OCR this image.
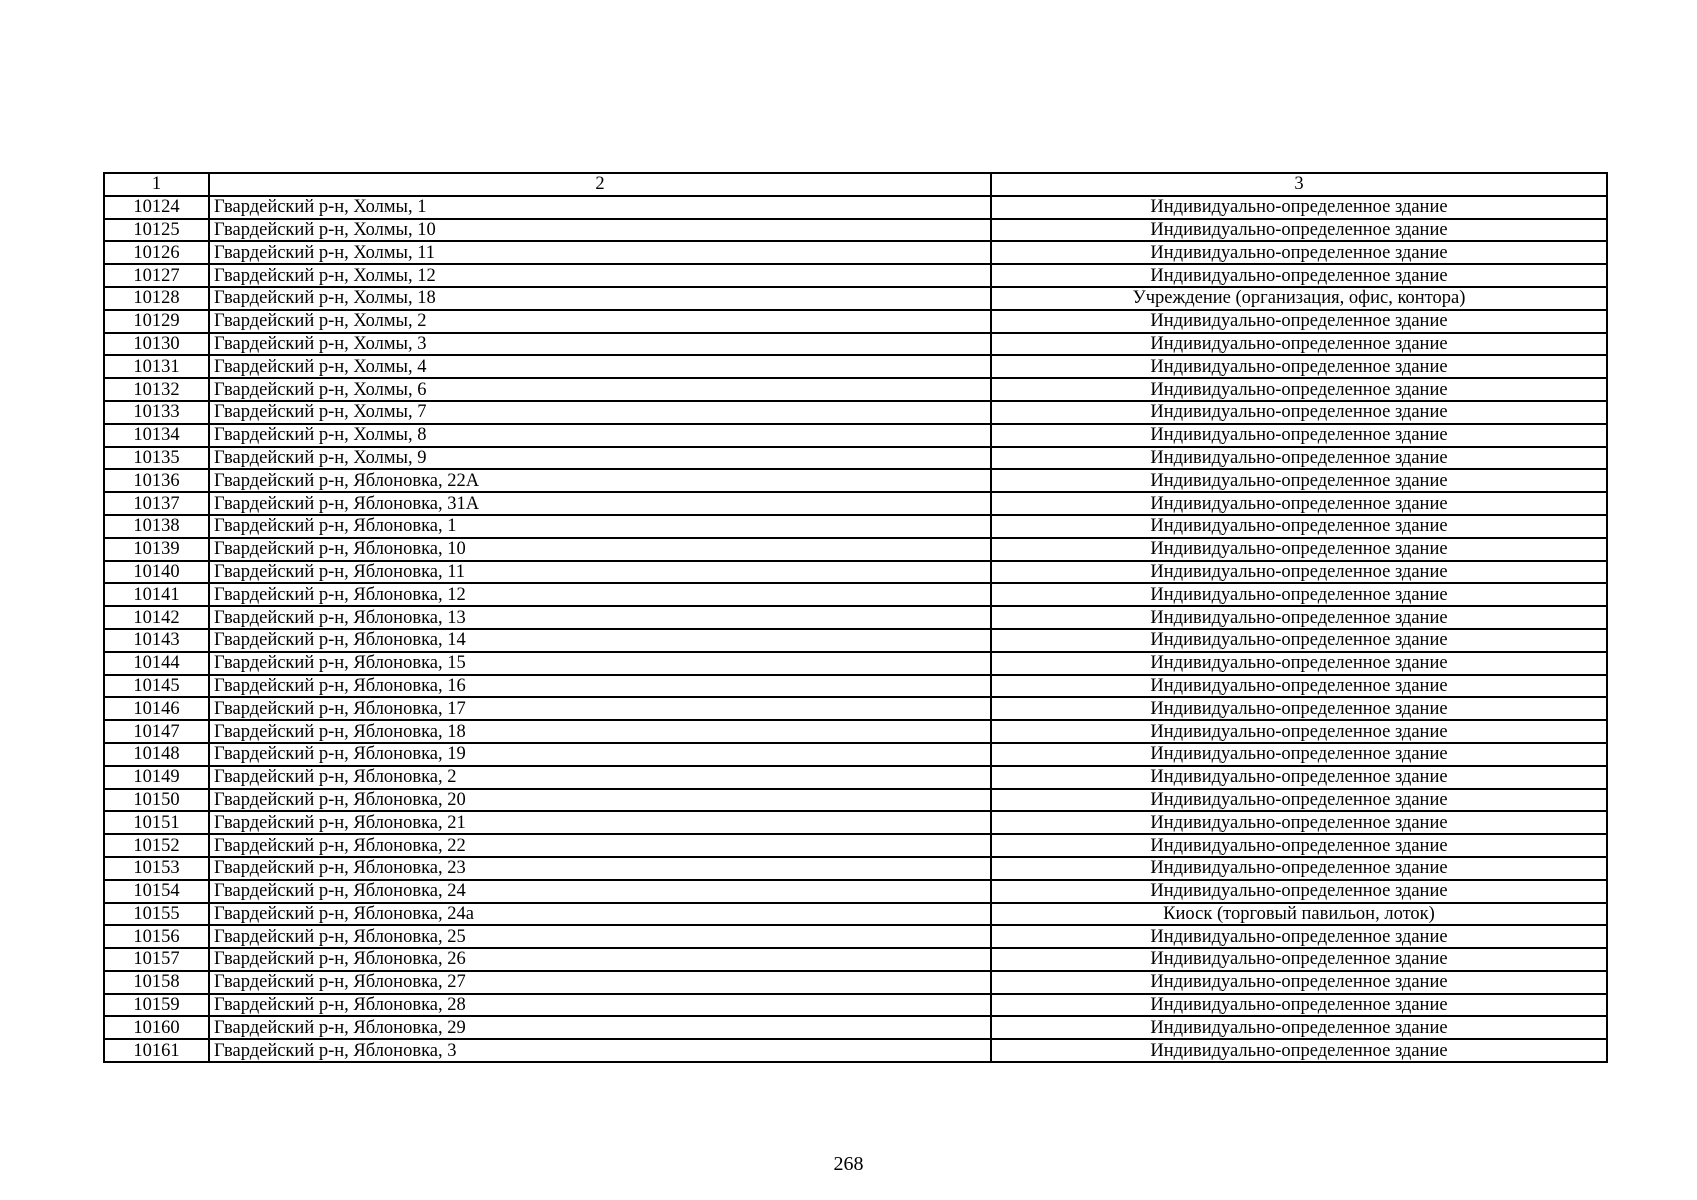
1	2	3
10124	Гвардейский р-н, Холмы, 1	Индивидуально-определенное здание
10125	Гвардейский р-н, Холмы, 10	Индивидуально-определенное здание
10126	Гвардейский р-н, Холмы, 11	Индивидуально-определенное здание
10127	Гвардейский р-н, Холмы, 12	Индивидуально-определенное здание
10128	Гвардейский р-н, Холмы, 18	Учреждение (организация, офис, контора)
10129	Гвардейский р-н, Холмы, 2	Индивидуально-определенное здание
10130	Гвардейский р-н, Холмы, 3	Индивидуально-определенное здание
10131	Гвардейский р-н, Холмы, 4	Индивидуально-определенное здание
10132	Гвардейский р-н, Холмы, 6	Индивидуально-определенное здание
10133	Гвардейский р-н, Холмы, 7	Индивидуально-определенное здание
10134	Гвардейский р-н, Холмы, 8	Индивидуально-определенное здание
10135	Гвардейский р-н, Холмы, 9	Индивидуально-определенное здание
10136	Гвардейский р-н, Яблоновка, 22А	Индивидуально-определенное здание
10137	Гвардейский р-н, Яблоновка, 31А	Индивидуально-определенное здание
10138	Гвардейский р-н, Яблоновка, 1	Индивидуально-определенное здание
10139	Гвардейский р-н, Яблоновка, 10	Индивидуально-определенное здание
10140	Гвардейский р-н, Яблоновка, 11	Индивидуально-определенное здание
10141	Гвардейский р-н, Яблоновка, 12	Индивидуально-определенное здание
10142	Гвардейский р-н, Яблоновка, 13	Индивидуально-определенное здание
10143	Гвардейский р-н, Яблоновка, 14	Индивидуально-определенное здание
10144	Гвардейский р-н, Яблоновка, 15	Индивидуально-определенное здание
10145	Гвардейский р-н, Яблоновка, 16	Индивидуально-определенное здание
10146	Гвардейский р-н, Яблоновка, 17	Индивидуально-определенное здание
10147	Гвардейский р-н, Яблоновка, 18	Индивидуально-определенное здание
10148	Гвардейский р-н, Яблоновка, 19	Индивидуально-определенное здание
10149	Гвардейский р-н, Яблоновка, 2	Индивидуально-определенное здание
10150	Гвардейский р-н, Яблоновка, 20	Индивидуально-определенное здание
10151	Гвардейский р-н, Яблоновка, 21	Индивидуально-определенное здание
10152	Гвардейский р-н, Яблоновка, 22	Индивидуально-определенное здание
10153	Гвардейский р-н, Яблоновка, 23	Индивидуально-определенное здание
10154	Гвардейский р-н, Яблоновка, 24	Индивидуально-определенное здание
10155	Гвардейский р-н, Яблоновка, 24а	Киоск (торговый павильон, лоток)
10156	Гвардейский р-н, Яблоновка, 25	Индивидуально-определенное здание
10157	Гвардейский р-н, Яблоновка, 26	Индивидуально-определенное здание
10158	Гвардейский р-н, Яблоновка, 27	Индивидуально-определенное здание
10159	Гвардейский р-н, Яблоновка, 28	Индивидуально-определенное здание
10160	Гвардейский р-н, Яблоновка, 29	Индивидуально-определенное здание
10161	Гвардейский р-н, Яблоновка, 3	Индивидуально-определенное здание
268
